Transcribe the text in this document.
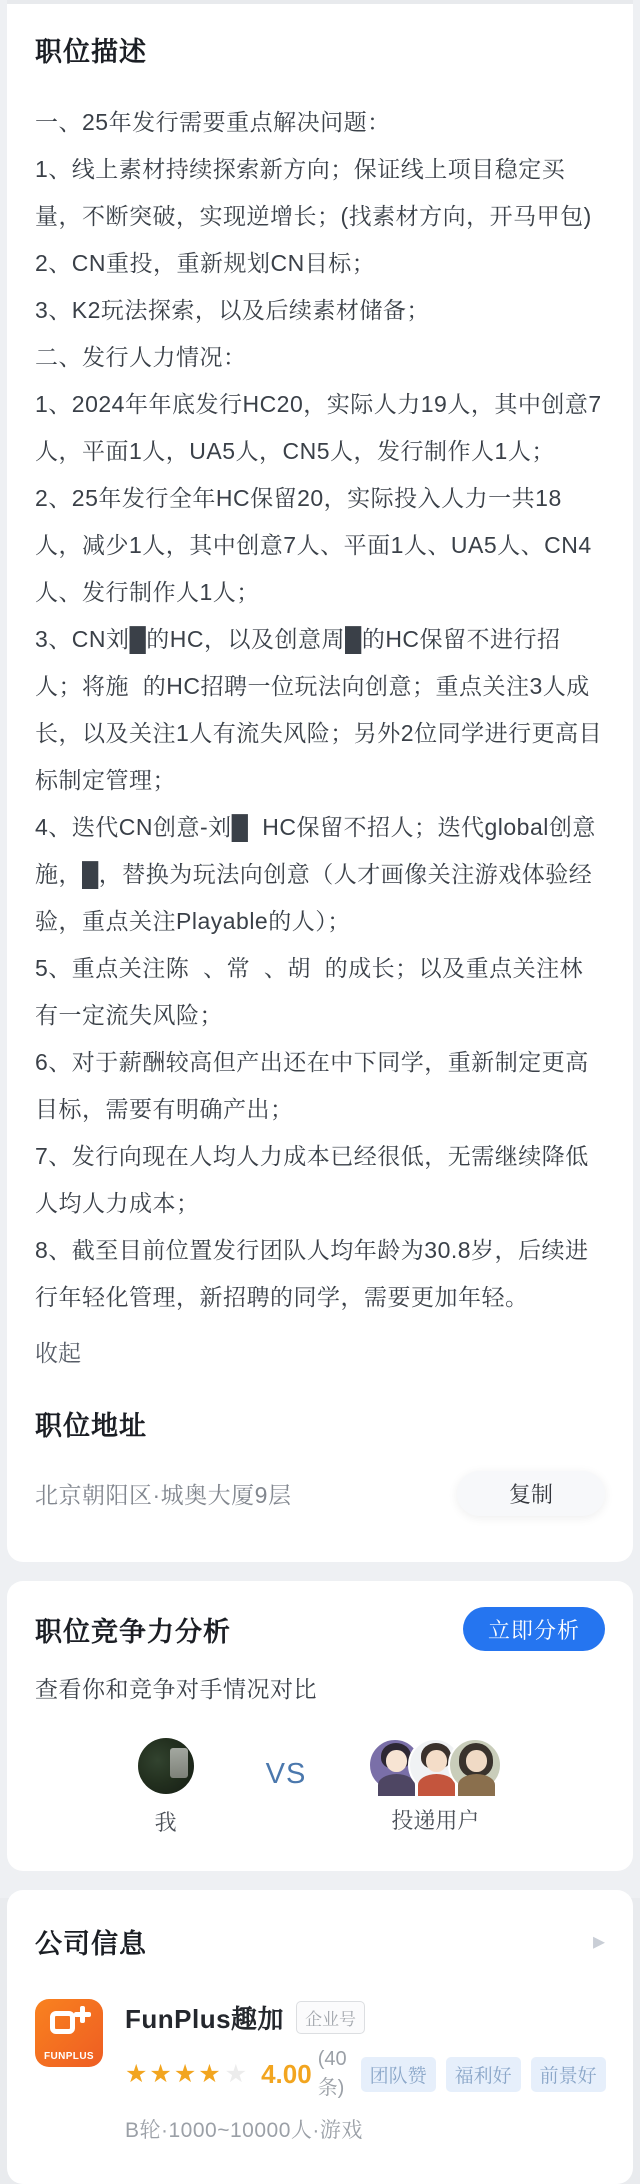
职位描述

一、25年发行需要重点解决问题：

1、线上素材持续探索新方向；保证线上项目稳定买量，不断突破，实现逆增长；(找素材方向，开马甲包)

2、CN重投，重新规划CN目标；

3、K2玩法探索，以及后续素材储备；

二、发行人力情况：

1、2024年年底发行HC20，实际人力19人，其中创意7人，平面1人，UA5人，CN5人，发行制作人1人；

2、25年发行全年HC保留20，实际投入人力一共18人，减少1人，其中创意7人、平面1人、UA5人、CN4人、发行制作人1人；

3、CN刘█的HC，以及创意周█的HC保留不进行招人；将施  的HC招聘一位玩法向创意；重点关注3人成长，以及关注1人有流失风险；另外2位同学进行更高目标制定管理；

4、迭代CN创意-刘█  HC保留不招人；迭代global创意施，█，替换为玩法向创意（人才画像关注游戏体验经验，重点关注Playable的人）；

5、重点关注陈  、常  、胡  的成长；以及重点关注林  有一定流失风险；

6、对于薪酬较高但产出还在中下同学，重新制定更高目标，需要有明确产出；

7、发行向现在人均人力成本已经很低，无需继续降低人均人力成本；

8、截至目前位置发行团队人均年龄为30.8岁，后续进行年轻化管理，新招聘的同学，需要更加年轻。

收起
职位地址
北京朝阳区·城奥大厦9层	复制
职位竞争力分析	立即分析

查看你和竞争对手情况对比

我
VS
投递用户
公司信息	▸
FUNPLUS
FunPlus趣加	企业号
★★★★ ★ 4.00 (40条)
团队赞	福利好	前景好
B轮·1000~10000人·游戏
